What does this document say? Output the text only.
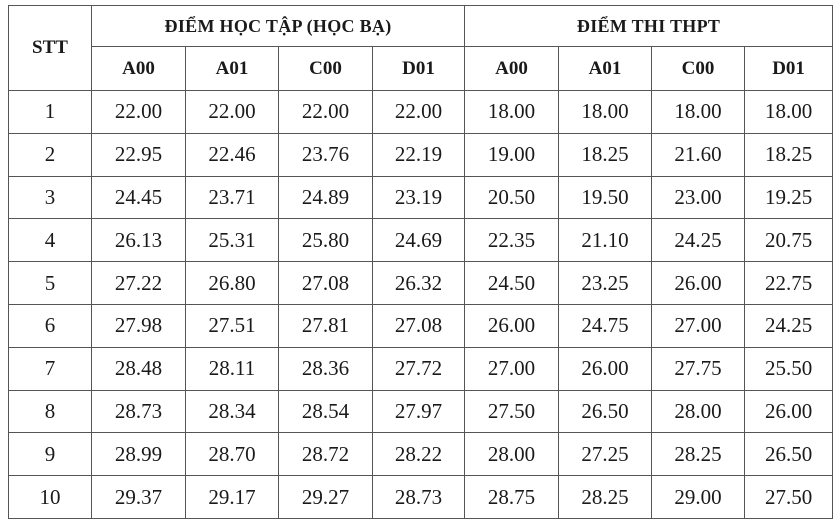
STT	ĐIỂM HỌC TẬP (HỌC BẠ)				ĐIỂM THI THPT			
	A00	A01	C00	D01	A00	A01	C00	D01
1	22.00	22.00	22.00	22.00	18.00	18.00	18.00	18.00
2	22.95	22.46	23.76	22.19	19.00	18.25	21.60	18.25
3	24.45	23.71	24.89	23.19	20.50	19.50	23.00	19.25
4	26.13	25.31	25.80	24.69	22.35	21.10	24.25	20.75
5	27.22	26.80	27.08	26.32	24.50	23.25	26.00	22.75
6	27.98	27.51	27.81	27.08	26.00	24.75	27.00	24.25
7	28.48	28.11	28.36	27.72	27.00	26.00	27.75	25.50
8	28.73	28.34	28.54	27.97	27.50	26.50	28.00	26.00
9	28.99	28.70	28.72	28.22	28.00	27.25	28.25	26.50
10	29.37	29.17	29.27	28.73	28.75	28.25	29.00	27.50
